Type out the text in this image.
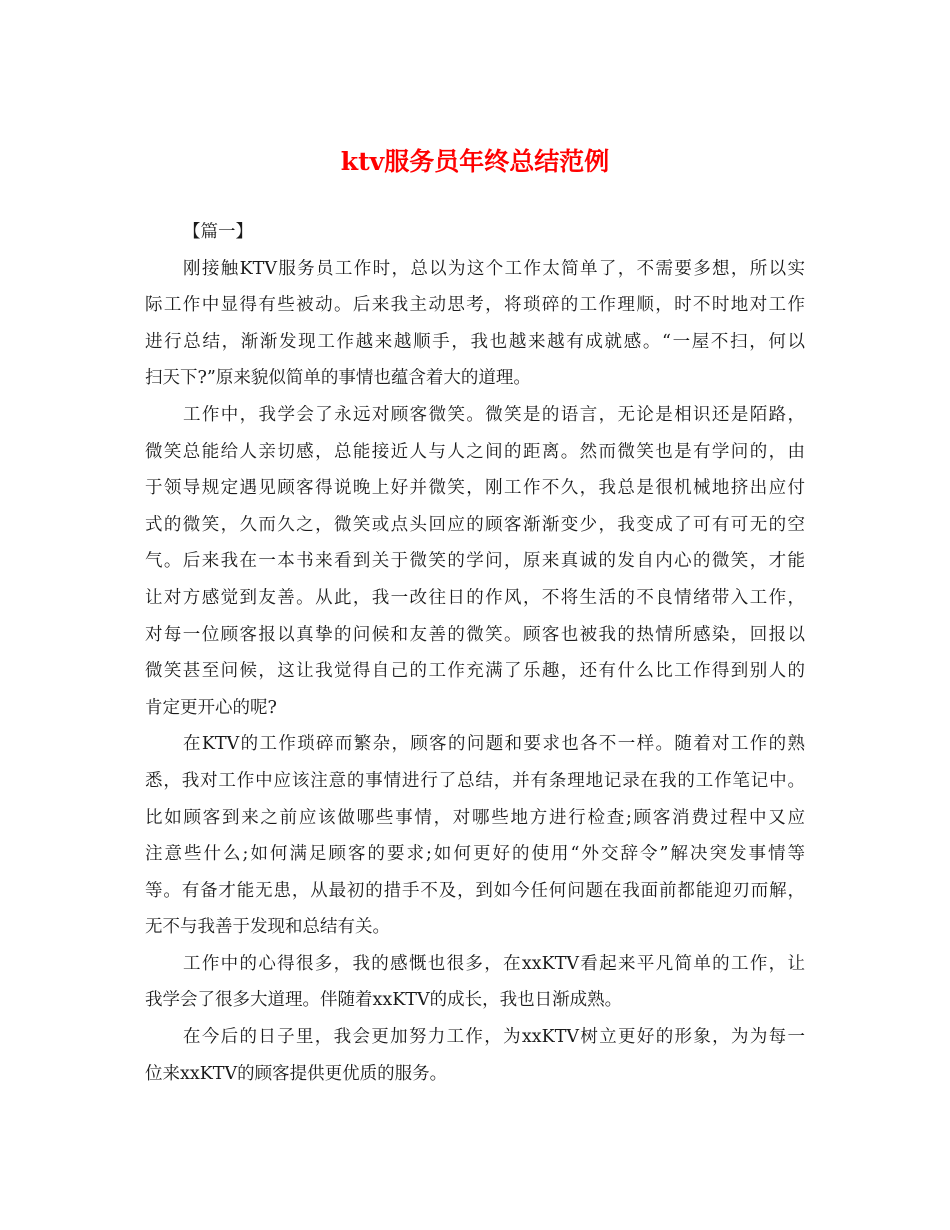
ktv服务员年终总结范例
【篇一】
刚接触KTV服务员工作时，总以为这个工作太简单了，不需要多想，所以实
际工作中显得有些被动。后来我主动思考，将琐碎的工作理顺，时不时地对工作
进行总结，渐渐发现工作越来越顺手，我也越来越有成就感。“一屋不扫，何以
扫天下?”原来貌似简单的事情也蕴含着大的道理。
工作中，我学会了永远对顾客微笑。微笑是的语言，无论是相识还是陌路，
微笑总能给人亲切感，总能接近人与人之间的距离。然而微笑也是有学问的，由
于领导规定遇见顾客得说晚上好并微笑，刚工作不久，我总是很机械地挤出应付
式的微笑，久而久之，微笑或点头回应的顾客渐渐变少，我变成了可有可无的空
气。后来我在一本书来看到关于微笑的学问，原来真诚的发自内心的微笑，才能
让对方感觉到友善。从此，我一改往日的作风，不将生活的不良情绪带入工作，
对每一位顾客报以真挚的问候和友善的微笑。顾客也被我的热情所感染，回报以
微笑甚至问候，这让我觉得自己的工作充满了乐趣，还有什么比工作得到别人的
肯定更开心的呢?
在KTV的工作琐碎而繁杂，顾客的问题和要求也各不一样。随着对工作的熟
悉，我对工作中应该注意的事情进行了总结，并有条理地记录在我的工作笔记中。
比如顾客到来之前应该做哪些事情，对哪些地方进行检查;顾客消费过程中又应
注意些什么;如何满足顾客的要求;如何更好的使用“外交辞令”解决突发事情等
等。有备才能无患，从最初的措手不及，到如今任何问题在我面前都能迎刃而解，
无不与我善于发现和总结有关。
工作中的心得很多，我的感慨也很多，在xxKTV看起来平凡简单的工作，让
我学会了很多大道理。伴随着xxKTV的成长，我也日渐成熟。
在今后的日子里，我会更加努力工作，为xxKTV树立更好的形象，为为每一
位来xxKTV的顾客提供更优质的服务。
